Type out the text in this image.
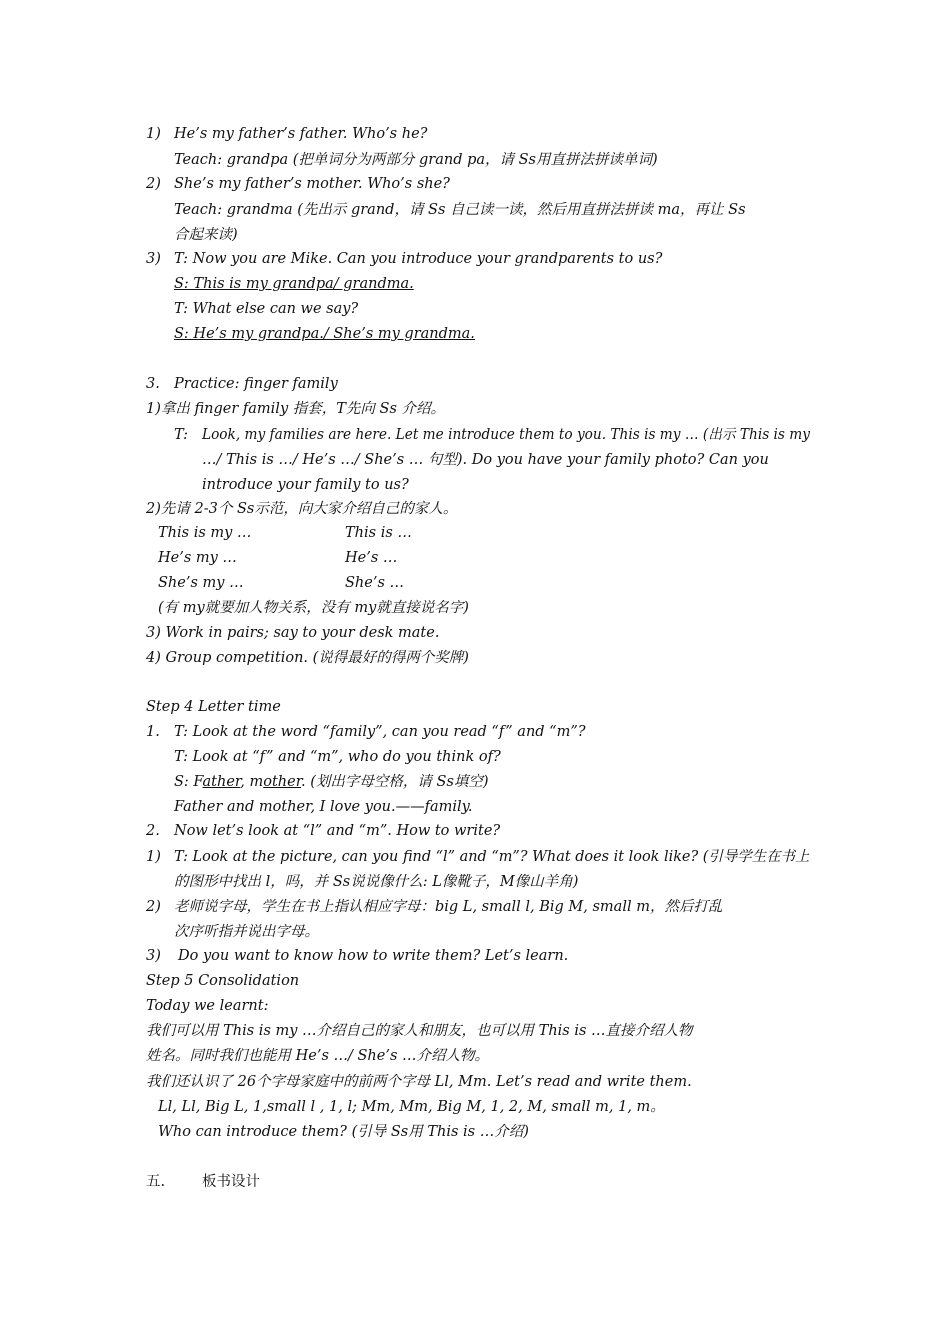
1) He’s my father’s father. Who’s he?
Teach: grandpa (把单词分为两部分 grand pa，请 Ss用直拼法拼读单词)
2) She’s my father’s mother. Who’s she?
Teach: grandma (先出示 grand，请 Ss 自己读一读，然后用直拼法拼读 ma，再让 Ss
合起来读)
3) T: Now you are Mike. Can you introduce your grandparents to us?
S: This is my grandpa/ grandma.
T: What else can we say?
S: He’s my grandpa./ She’s my grandma.
3. Practice: finger family
1)拿出 finger family 指套，T先向 Ss 介绍。
T: Look, my families are here. Let me introduce them to you. This is my … (出示 This is my
…/ This is …/ He’s …/ She’s … 句型). Do you have your family photo? Can you
introduce your family to us?
2)先请 2-3个 Ss示范，向大家介绍自己的家人。
This is my …	This is …
He’s my …	He’s …
She’s my …	She’s …
(有 my就要加人物关系，没有 my就直接说名字)
3) Work in pairs; say to your desk mate.
4) Group competition. (说得最好的得两个奖牌)
Step 4 Letter time
1. T: Look at the word “family”, can you read “f” and “m”?
T: Look at “f” and “m”, who do you think of?
S: Father, mother. (划出字母空格，请 Ss填空)
Father and mother, I love you.——family.
2. Now let’s look at “l” and “m”. How to write?
1) T: Look at the picture, can you find “l” and “m”? What does it look like? (引导学生在书上
的图形中找出 l，吗，并 Ss说说像什么: L像靴子，M像山羊角)
2) 老师说字母，学生在书上指认相应字母：big L, small l, Big M, small m，然后打乱
次序听指并说出字母。
3) Do you want to know how to write them? Let’s learn.
Step 5 Consolidation
Today we learnt:
我们可以用 This is my …介绍自己的家人和朋友，也可以用 This is …直接介绍人物
姓名。同时我们也能用 He’s …/ She’s …介绍人物。
我们还认识了 26个字母家庭中的前两个字母 Ll, Mm. Let’s read and write them.
Ll, Ll, Big L, 1,small l , 1, l; Mm, Mm, Big M, 1, 2, M, small m, 1, m。
Who can introduce them? (引导 Ss用 This is …介绍)
五.	板书设计
